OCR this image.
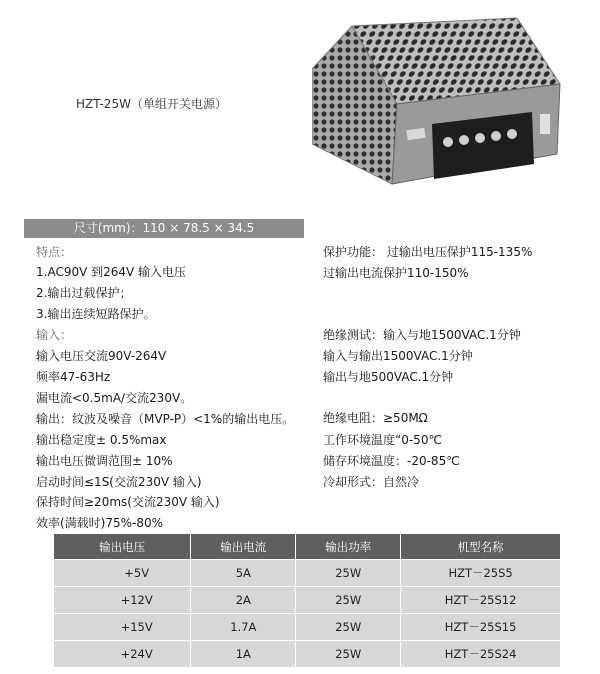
HZT-25W（单组开关电源）
尺寸(mm)：110 × 78.5 × 34.5
特点：
1.AC90V 到264V 输入电压
2.输出过载保护；
3.输出连续短路保护。
输入：
输入电压交流90V-264V
频率47-63Hz
漏电流<0.5mA/交流230V。
输出：纹波及噪音（MVP-P）<1%的输出电压。
输出稳定度± 0.5%max
输出电压微调范围± 10%
启动时间≤1S(交流230V 输入)
保持时间≥20ms(交流230V 输入)
效率(满载时)75%-80%
保护功能： 过输出电压保护115-135%
过输出电流保护110-150%
绝缘测试：输入与地1500VAC.1分钟
输入与输出1500VAC.1分钟
输出与地500VAC.1分钟
绝缘电阻：≥50MΩ
工作环境温度“0-50℃
储存环境温度：-20-85℃
冷却形式：自然冷
输出电压	输出电流	输出功率	机型名称
+5V	5A	25W	HZT－25S5
+12V	2A	25W	HZT－25S12
+15V	1.7A	25W	HZT－25S15
+24V	1A	25W	HZT－25S24
